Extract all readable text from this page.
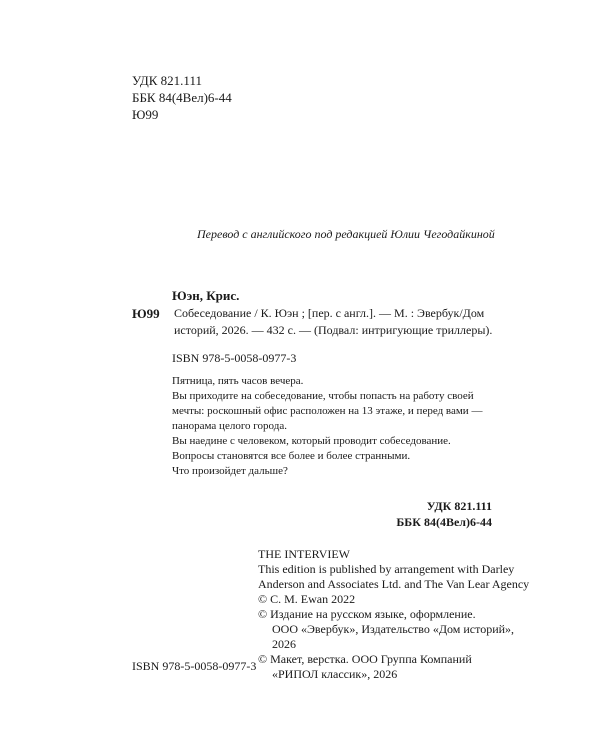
УДК 821.111
ББК 84(4Вел)6-44
Ю99
Перевод с английского под редакцией Юлии Чегодайкиной
Юэн, Крис.
Ю99 Собеседование / К. Юэн ; [пер. с англ.]. — М. : Эвербук/Дом
историй, 2026. — 432 с. — (Подвал: интригующие триллеры).
ISBN 978-5-0058-0977-3

Пятница, пять часов вечера.

Вы приходите на собеседование, чтобы попасть на работу своей

мечты: роскошный офис расположен на 13 этаже, и перед вами —

панорама целого города.

Вы наедине с человеком, который проводит собеседование.

Вопросы становятся все более и более странными.

Что произойдет дальше?

УДК 821.111
ББК 84(4Вел)6-44
THE INTERVIEW
This edition is published by arrangement with Darley
Anderson and Associates Ltd. and The Van Lear Agency
© C. M. Ewan 2022
© Издание на русском языке, оформление.
ООО «Эвербук», Издательство «Дом историй»,
2026
© Макет, верстка. ООО Группа Компаний
«РИПОЛ классик», 2026
ISBN 978-5-0058-0977-3
